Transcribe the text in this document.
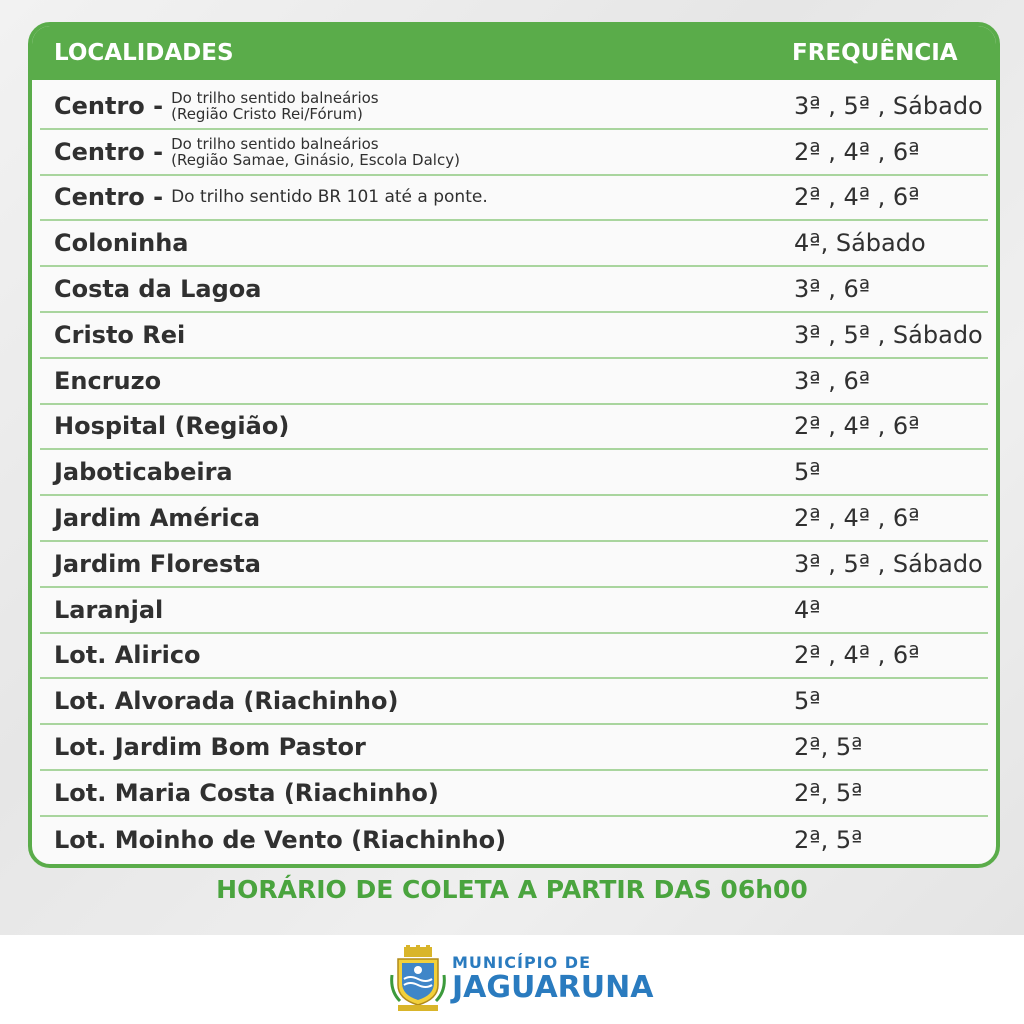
LOCALIDADES	FREQUÊNCIA
Centro - Do trilho sentido balneários
(Região Cristo Rei/Fórum)	3ª , 5ª , Sábado
Centro - Do trilho sentido balneários
(Região Samae, Ginásio, Escola Dalcy)	2ª , 4ª , 6ª
Centro - Do trilho sentido BR 101 até a ponte.	2ª , 4ª , 6ª
Coloninha	4ª, Sábado
Costa da Lagoa	3ª , 6ª
Cristo Rei	3ª , 5ª , Sábado
Encruzo	3ª , 6ª
Hospital (Região)	2ª , 4ª , 6ª
Jaboticabeira	5ª
Jardim América	2ª , 4ª , 6ª
Jardim Floresta	3ª , 5ª , Sábado
Laranjal	4ª
Lot. Alirico	2ª , 4ª , 6ª
Lot. Alvorada (Riachinho)	5ª
Lot. Jardim Bom Pastor	2ª, 5ª
Lot. Maria Costa (Riachinho)	2ª, 5ª
Lot. Moinho de Vento (Riachinho)	2ª, 5ª
HORÁRIO DE COLETA A PARTIR DAS 06h00
MUNICÍPIO DE
JAGUARUNA
